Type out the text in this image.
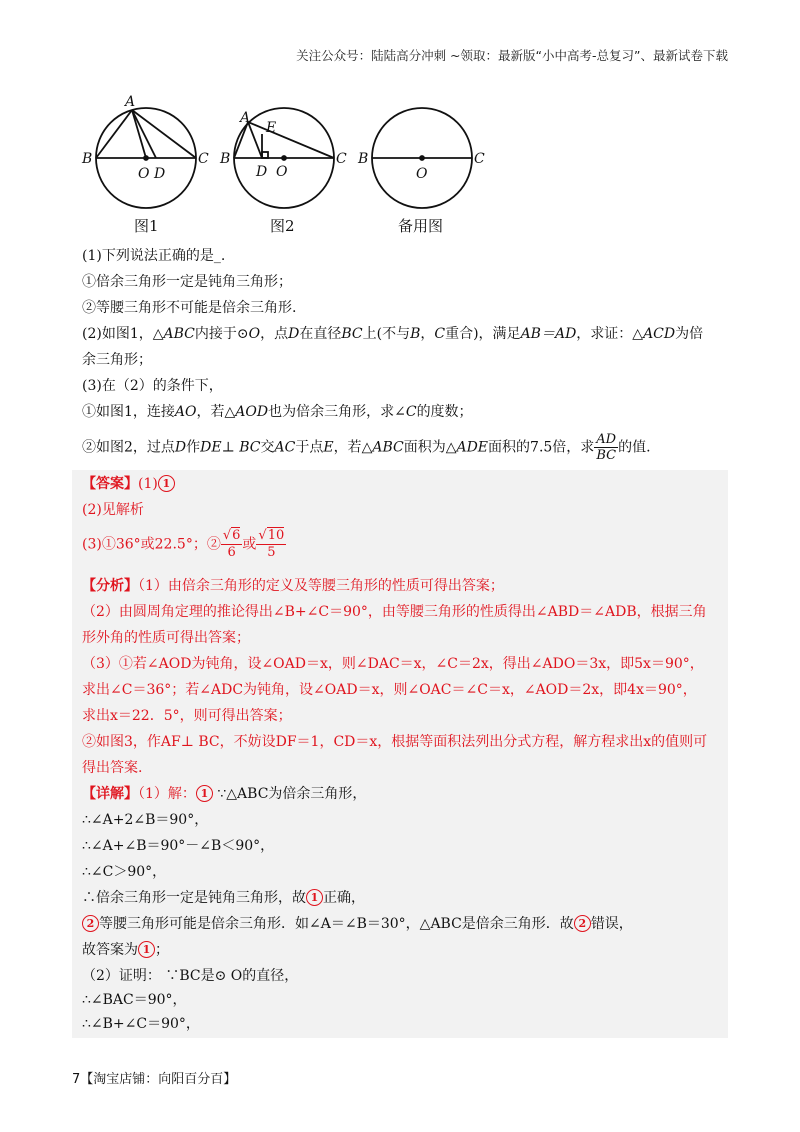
关注公众号：陆陆高分冲刺 ~领取：最新版“小中高考-总复习”、最新试卷下载
A
B	C
O D
图1
A
E
B	C
D O
图2
B	C
O
备用图
(1)下列说法正确的是_.
①倍余三角形一定是钝角三角形；
②等腰三角形不可能是倍余三角形.
(2)如图1，△ABC内接于⊙O，点D在直径BC上(不与B，C重合)，满足AB＝AD，求证：△ACD为倍
余三角形；
(3)在（2）的条件下，
①如图1，连接AO，若△AOD也为倍余三角形，求∠C的度数；
②如图2，过点D作DE⊥ BC交AC于点E，若△ABC面积为△ADE面积的7.5倍，求 $\frac{AD}{BC}$ 的值.
【答案】(1) 1
(2)见解析
(3)①36°或22.5°；② $\frac{√6}{6}$ 或 $\frac{√10}{5}$
【分析】（1）由倍余三角形的定义及等腰三角形的性质可得出答案；
（2）由圆周角定理的推论得出∠B+∠C＝90°，由等腰三角形的性质得出∠ABD＝∠ADB，根据三角
形外角的性质可得出答案；
（3）①若∠AOD为钝角，设∠OAD＝x，则∠DAC＝x，∠C＝2x，得出∠ADO＝3x，即5x＝90°，
求出∠C＝36°；若∠ADC为钝角，设∠OAD＝x，则∠OAC＝∠C＝x，∠AOD＝2x，即4x＝90°，
求出x＝22．5°，则可得出答案；
②如图3，作AF⊥ BC，不妨设DF＝1，CD＝x，根据等面积法列出分式方程，解方程求出x的值则可
得出答案.
【详解】（1）解： 1 ∵△ABC为倍余三角形，
∴∠A+2∠B＝90°，
∴∠A+∠B＝90°－∠B＜90°，
∴∠C＞90°，
∴倍余三角形一定是钝角三角形，故 1 正确，
2 等腰三角形可能是倍余三角形．如∠A＝∠B＝30°，△ABC是倍余三角形．故 2 错误，
故答案为 1 ；
（2）证明： ∵BC是⊙ O的直径，
∴∠BAC＝90°，
∴∠B+∠C＝90°，
7【淘宝店铺：向阳百分百】
